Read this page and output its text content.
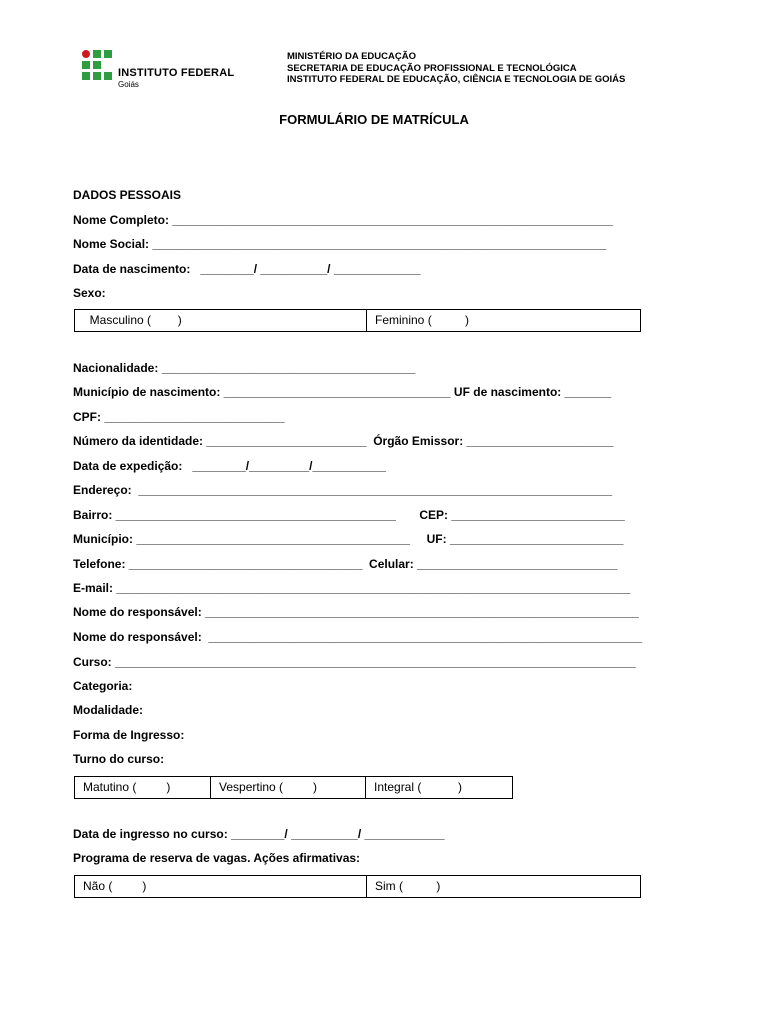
INSTITUTO FEDERAL
Goiás
MINISTÉRIO DA EDUCAÇÃO
SECRETARIA DE EDUCAÇÃO PROFISSIONAL E TECNOLÓGICA
INSTITUTO FEDERAL DE EDUCAÇÃO, CIÊNCIA E TECNOLOGIA DE GOIÁS
FORMULÁRIO DE MATRÍCULA
DADOS PESSOAIS
Nome Completo: __________________________________________________________________
Nome Social: ____________________________________________________________________
Data de nascimento:   ________/ __________/ _____________
Sexo:
Masculino (        )	Feminino (          )
Nacionalidade: ______________________________________
Município de nascimento: __________________________________ UF de nascimento: _______
CPF: ___________________________
Número da identidade: ________________________  Órgão Emissor: ______________________
Data de expedição:   ________/_________/___________
Endereço:  _______________________________________________________________________
Bairro: __________________________________________       CEP: __________________________
Município: _________________________________________     UF: __________________________
Telefone: ___________________________________  Celular: ______________________________
E-mail: _____________________________________________________________________________
Nome do responsável: _________________________________________________________________
Nome do responsável:  _________________________________________________________________
Curso: ______________________________________________________________________________
Categoria:
Modalidade:
Forma de Ingresso:
Turno do curso:
Matutino (         )	Vespertino (         )	Integral (           )
Data de ingresso no curso: ________/ __________/ ____________
Programa de reserva de vagas. Ações afirmativas:
Não (         )	Sim (          )
